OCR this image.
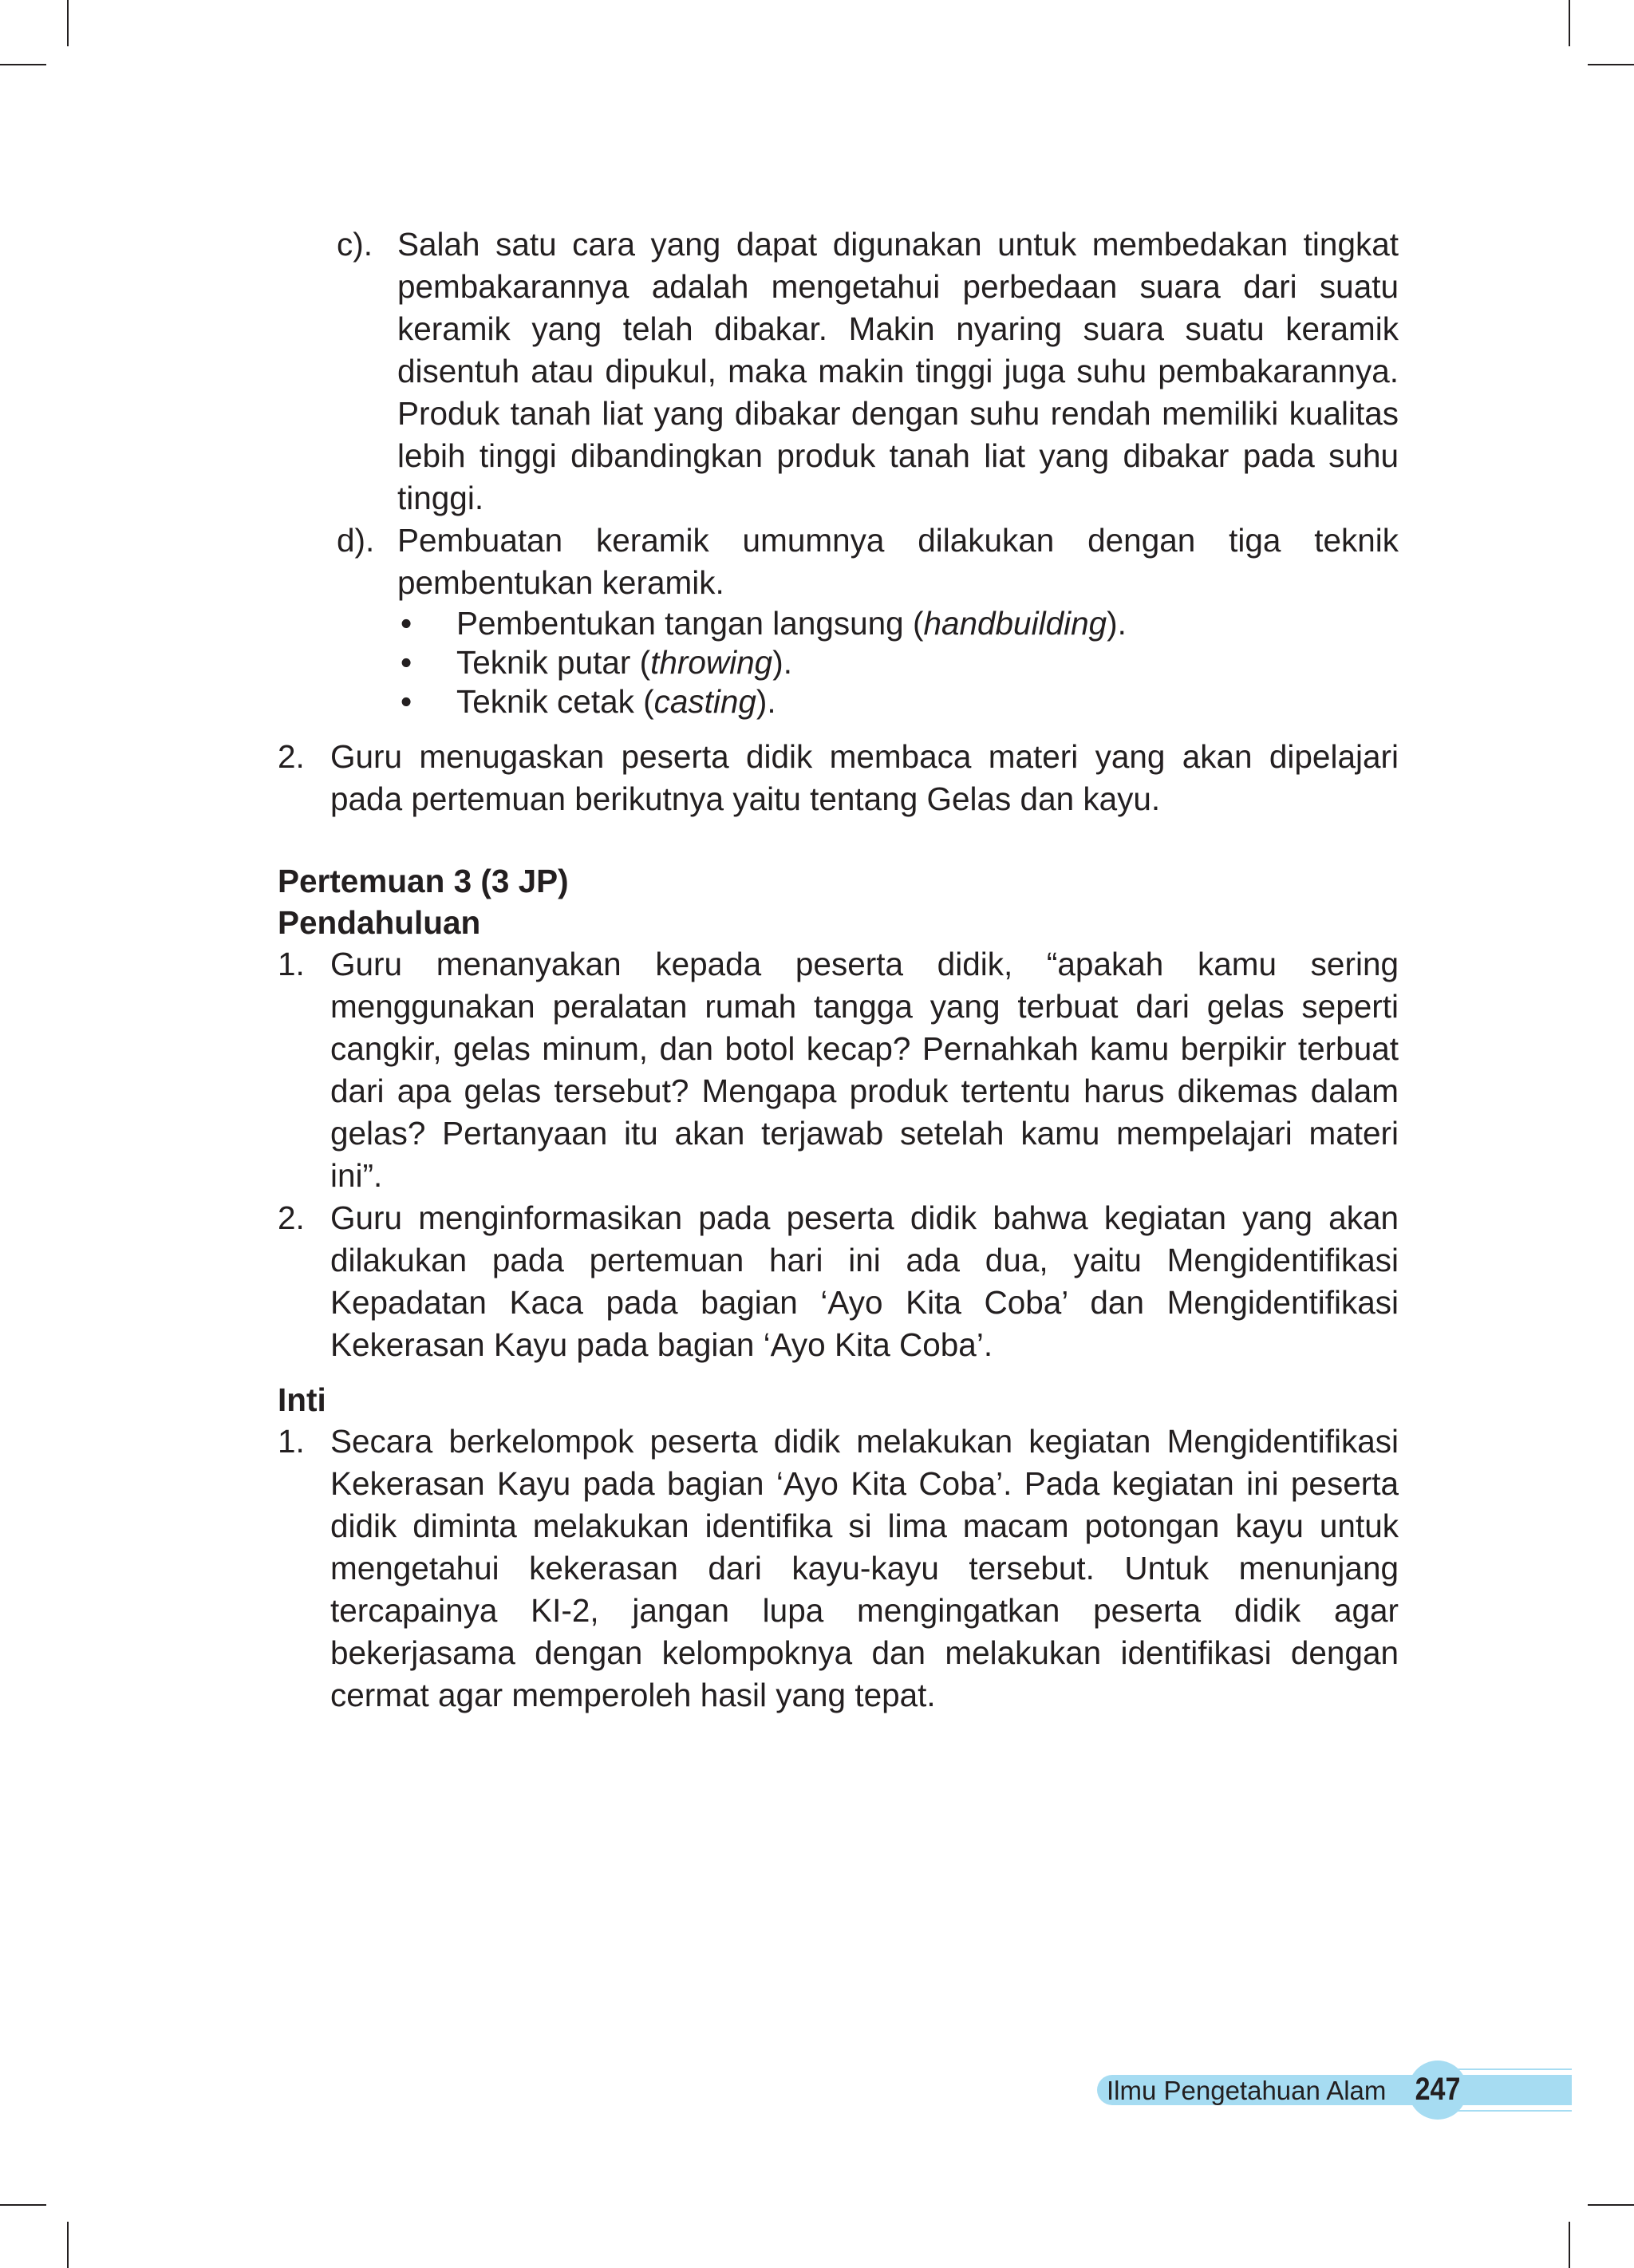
c). Salah satu cara yang dapat digunakan untuk membedakan tingkat pembakarannya adalah mengetahui perbedaan suara dari suatu keramik yang telah dibakar. Makin nyaring suara suatu keramik disentuh atau dipukul, maka makin tinggi juga suhu pembakarannya. Produk tanah liat yang dibakar dengan suhu rendah memiliki kualitas lebih tinggi dibandingkan produk tanah liat yang dibakar pada suhu tinggi.
d). Pembuatan keramik umumnya dilakukan dengan tiga teknik pembentukan keramik.
• Pembentukan tangan langsung (handbuilding).
• Teknik putar (throwing).
• Teknik cetak (casting).
2. Guru menugaskan peserta didik membaca materi yang akan dipelajari pada pertemuan berikutnya yaitu tentang Gelas dan kayu.
Pertemuan 3 (3 JP)
Pendahuluan
1. Guru menanyakan kepada peserta didik, “apakah kamu sering menggunakan peralatan rumah tangga yang terbuat dari gelas seperti cangkir, gelas minum, dan botol kecap? Pernahkah kamu berpikir terbuat dari apa gelas tersebut? Mengapa produk tertentu harus dikemas dalam gelas? Pertanyaan itu akan terjawab setelah kamu mempelajari materi ini”.
2. Guru menginformasikan pada peserta didik bahwa kegiatan yang akan dilakukan pada pertemuan hari ini ada dua, yaitu Mengidentifikasi Kepadatan Kaca pada bagian ‘Ayo Kita Coba’ dan Mengidentifikasi Kekerasan Kayu pada bagian ‘Ayo Kita Coba’.
Inti
1. Secara berkelompok peserta didik melakukan kegiatan Mengidentifikasi Kekerasan Kayu pada bagian ‘Ayo Kita Coba’. Pada kegiatan ini peserta didik diminta melakukan identifika si lima macam potongan kayu untuk mengetahui kekerasan dari kayu-kayu tersebut. Untuk menunjang tercapainya KI-2, jangan lupa mengingatkan peserta didik agar bekerjasama dengan kelompoknya dan melakukan identifikasi dengan cermat agar memperoleh hasil yang tepat.
Ilmu Pengetahuan Alam 247
